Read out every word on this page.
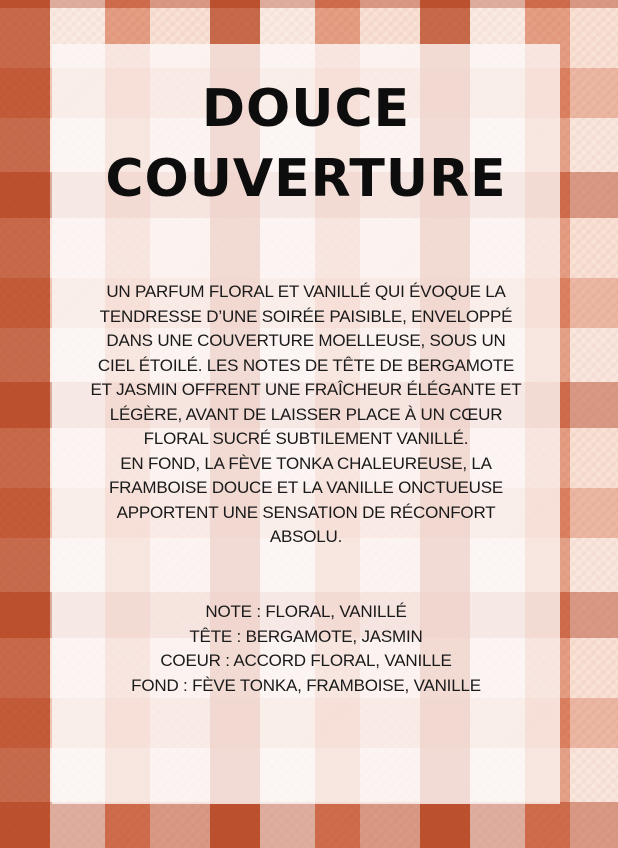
DOUCE
COUVERTURE
UN PARFUM FLORAL ET VANILLÉ QUI ÉVOQUE LA
TENDRESSE D’UNE SOIRÉE PAISIBLE, ENVELOPPÉ
DANS UNE COUVERTURE MOELLEUSE, SOUS UN
CIEL ÉTOILÉ. LES NOTES DE TÊTE DE BERGAMOTE
ET JASMIN OFFRENT UNE FRAÎCHEUR ÉLÉGANTE ET
LÉGÈRE, AVANT DE LAISSER PLACE À UN CŒUR
FLORAL SUCRÉ SUBTILEMENT VANILLÉ.
EN FOND, LA FÈVE TONKA CHALEUREUSE, LA
FRAMBOISE DOUCE ET LA VANILLE ONCTUEUSE
APPORTENT UNE SENSATION DE RÉCONFORT
ABSOLU.
NOTE : FLORAL, VANILLÉ
TÊTE : BERGAMOTE, JASMIN
COEUR : ACCORD FLORAL, VANILLE
FOND : FÈVE TONKA, FRAMBOISE, VANILLE
